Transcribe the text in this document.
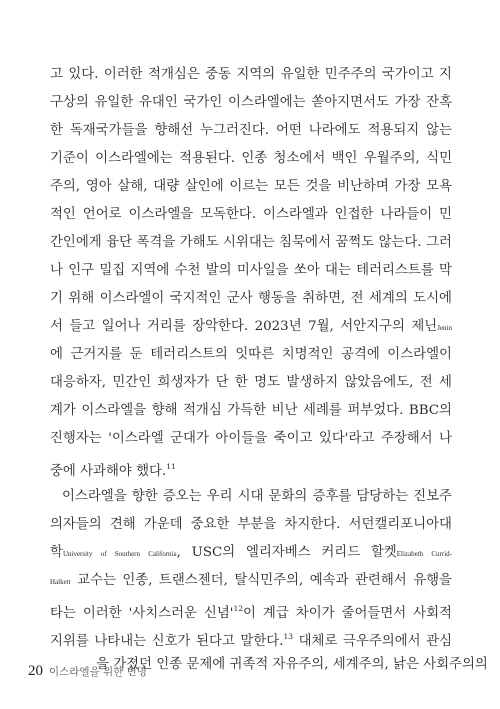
고 있다. 이러한 적개심은 중동 지역의 유일한 민주주의 국가이고 지
구상의 유일한 유대인 국가인 이스라엘에는 쏟아지면서도 가장 잔혹
한 독재국가들을 향해선 누그러진다. 어떤 나라에도 적용되지 않는
기준이 이스라엘에는 적용된다. 인종 청소에서 백인 우월주의, 식민
주의, 영아 살해, 대량 살인에 이르는 모든 것을 비난하며 가장 모욕
적인 언어로 이스라엘을 모독한다. 이스라엘과 인접한 나라들이 민
간인에게 융단 폭격을 가해도 시위대는 침묵에서 꿈쩍도 않는다. 그러
나 인구 밀집 지역에 수천 발의 미사일을 쏘아 대는 테러리스트를 막
기 위해 이스라엘이 국지적인 군사 행동을 취하면, 전 세계의 도시에
서 들고 일어나 거리를 장악한다. 2023년 7월, 서안지구의 제닌Jenin
에 근거지를 둔 테러리스트의 잇따른 치명적인 공격에 이스라엘이
대응하자, 민간인 희생자가 단 한 명도 발생하지 않았음에도, 전 세
계가 이스라엘을 향해 적개심 가득한 비난 세례를 퍼부었다. BBC의
진행자는 '이스라엘 군대가 아이들을 죽이고 있다'라고 주장해서 나
중에 사과해야 했다.$^{11}$
이스라엘을 향한 증오는 우리 시대 문화의 증후를 담당하는 진보주
의자들의 견해 가운데 중요한 부분을 차지한다. 서던캘리포니아대
학University of Southern California, USC의 엘리자베스 커리드 할켓Elizabeth Currid-
Halkett 교수는 인종, 트랜스젠더, 탈식민주의, 예속과 관련해서 유행을
타는 이러한 '사치스러운 신념'$^{12}$이 계급 차이가 줄어들면서 사회적
지위를 나타내는 신호가 된다고 말한다.$^{13}$ 대체로 극우주의에서 관심
을 가졌던 인종 문제에 귀족적 자유주의, 세계주의, 낡은 사회주의의
20 이스라엘을 위한 변명
